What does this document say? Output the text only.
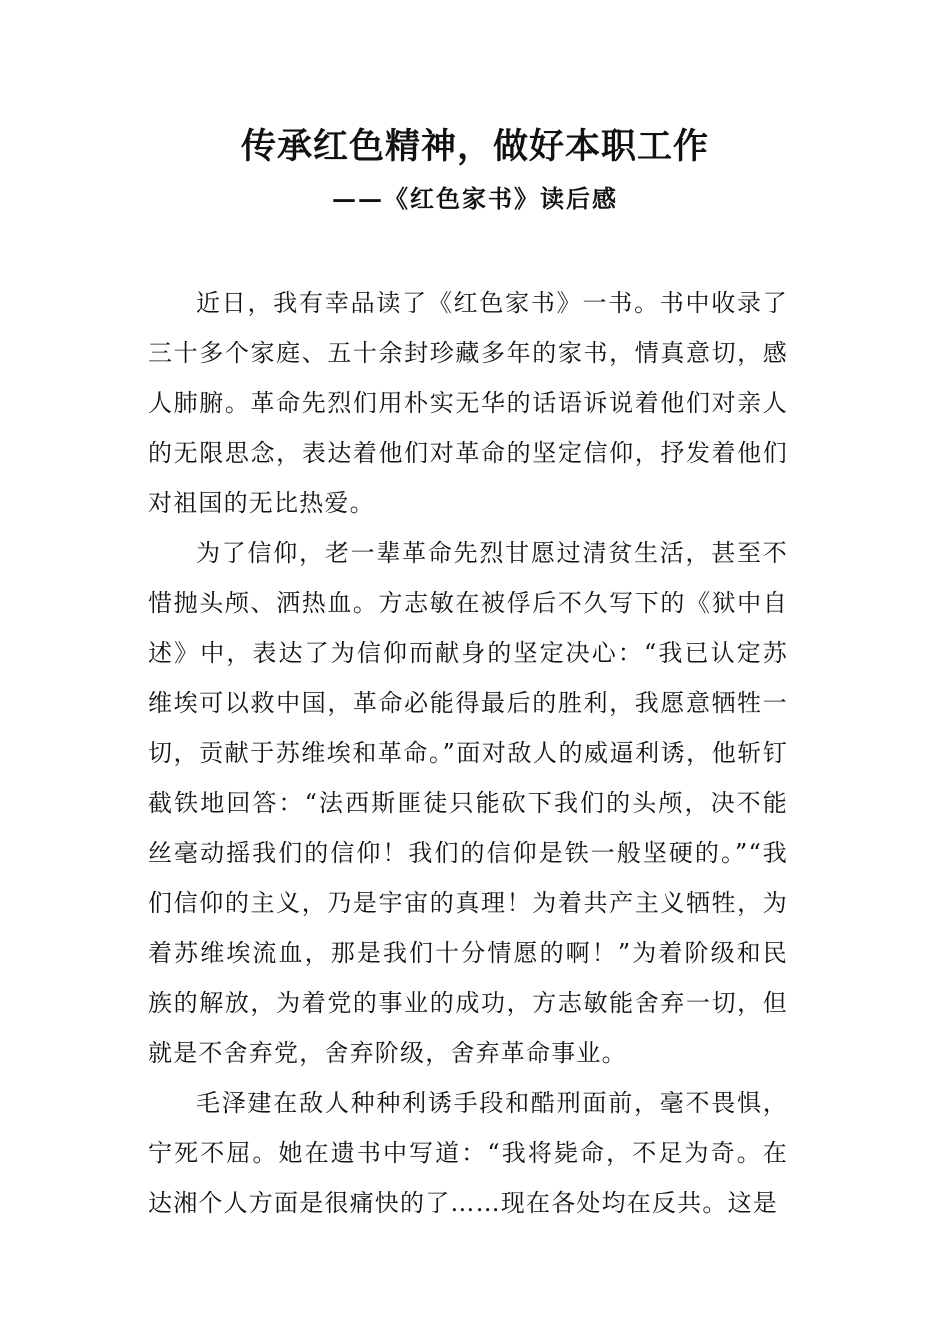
传承红色精神，做好本职工作
——《红色家书》读后感

近日，我有幸品读了《红色家书》一书。书中收录了三十多个家庭、五十余封珍藏多年的家书，情真意切，感人肺腑。革命先烈们用朴实无华的话语诉说着他们对亲人的无限思念，表达着他们对革命的坚定信仰，抒发着他们对祖国的无比热爱。

为了信仰，老一辈革命先烈甘愿过清贫生活，甚至不惜抛头颅、洒热血。方志敏在被俘后不久写下的《狱中自述》中，表达了为信仰而献身的坚定决心：“我已认定苏维埃可以救中国，革命必能得最后的胜利，我愿意牺牲一切，贡献于苏维埃和革命。”面对敌人的威逼利诱，他斩钉截铁地回答：“法西斯匪徒只能砍下我们的头颅，决不能丝毫动摇我们的信仰！我们的信仰是铁一般坚硬的。”“我们信仰的主义，乃是宇宙的真理！为着共产主义牺牲，为着苏维埃流血，那是我们十分情愿的啊！”为着阶级和民族的解放，为着党的事业的成功，方志敏能舍弃一切，但就是不舍弃党，舍弃阶级，舍弃革命事业。

毛泽建在敌人种种利诱手段和酷刑面前，毫不畏惧，宁死不屈。她在遗书中写道：“我将毙命，不足为奇。在达湘个人方面是很痛快的了……现在各处均在反共。这是
